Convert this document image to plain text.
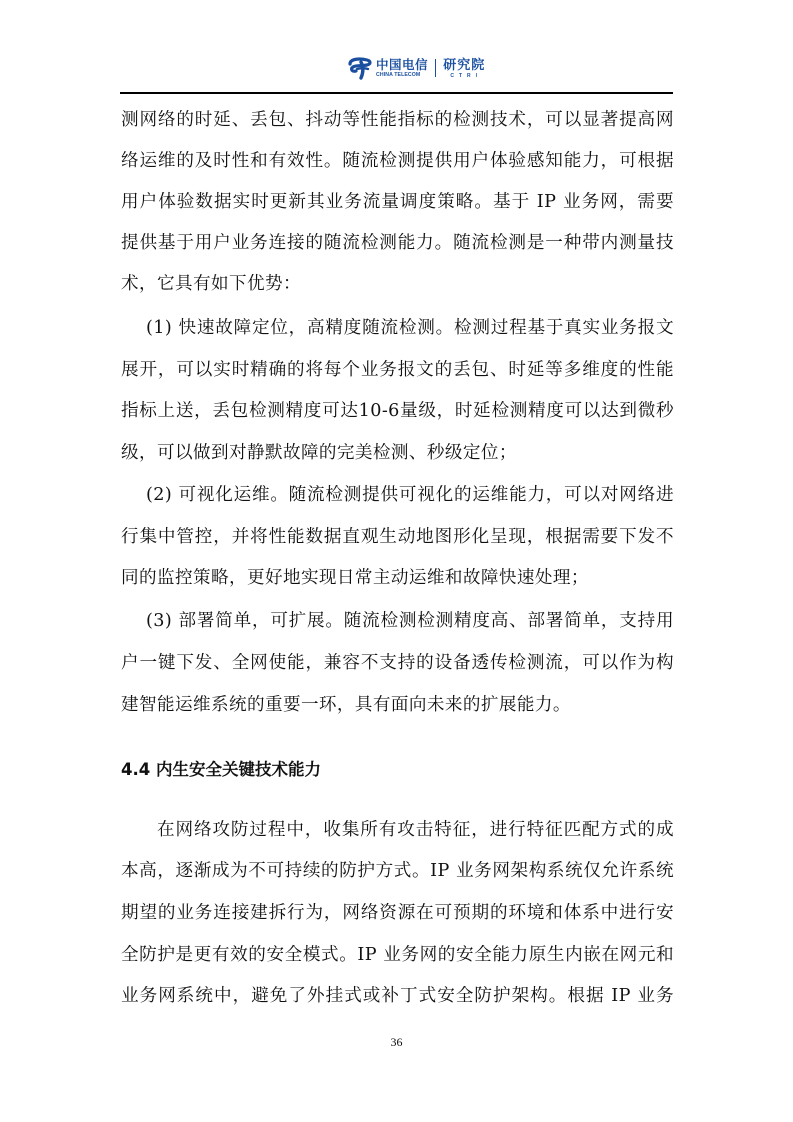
中国电信
CHINA TELECOM
研究院
CTRI
测网络的时延、丢包、抖动等性能指标的检测技术，可以显著提高网
络运维的及时性和有效性。随流检测提供用户体验感知能力，可根据
用户体验数据实时更新其业务流量调度策略。基于 IP 业务网，需要
提供基于用户业务连接的随流检测能力。随流检测是一种带内测量技
术，它具有如下优势：
(1) 快速故障定位，高精度随流检测。检测过程基于真实业务报文
展开，可以实时精确的将每个业务报文的丢包、时延等多维度的性能
指标上送，丢包检测精度可达10-6量级，时延检测精度可以达到微秒
级，可以做到对静默故障的完美检测、秒级定位；
(2) 可视化运维。随流检测提供可视化的运维能力，可以对网络进
行集中管控，并将性能数据直观生动地图形化呈现，根据需要下发不
同的监控策略，更好地实现日常主动运维和故障快速处理；
(3) 部署简单，可扩展。随流检测检测精度高、部署简单，支持用
户一键下发、全网使能，兼容不支持的设备透传检测流，可以作为构
建智能运维系统的重要一环，具有面向未来的扩展能力。
4.4 内生安全关键技术能力
在网络攻防过程中，收集所有攻击特征，进行特征匹配方式的成
本高，逐渐成为不可持续的防护方式。IP 业务网架构系统仅允许系统
期望的业务连接建拆行为，网络资源在可预期的环境和体系中进行安
全防护是更有效的安全模式。IP 业务网的安全能力原生内嵌在网元和
业务网系统中，避免了外挂式或补丁式安全防护架构。根据 IP 业务
36
